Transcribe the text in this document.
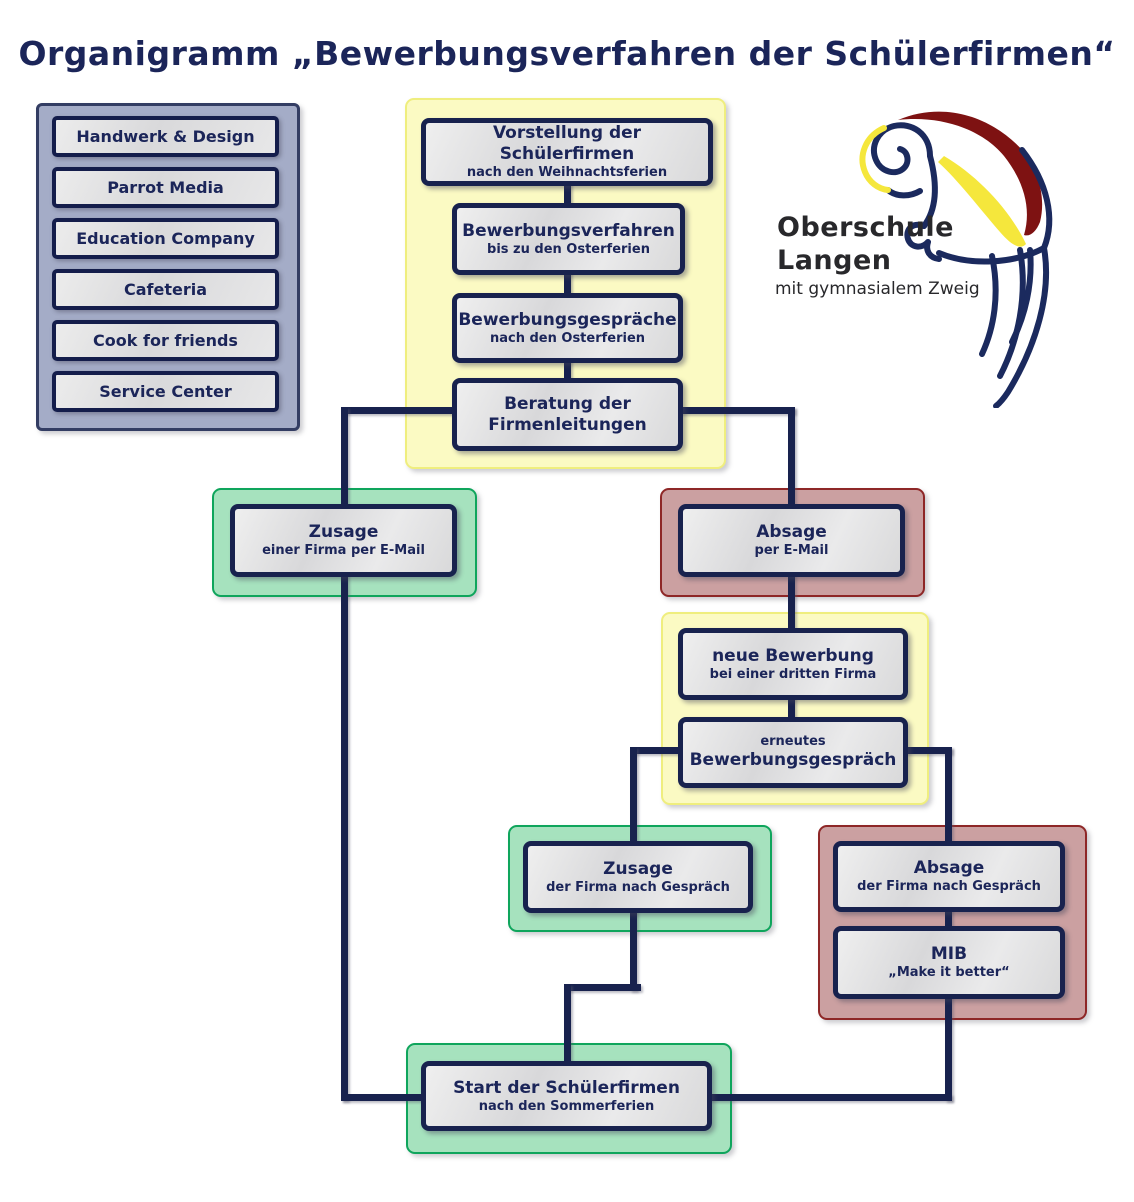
Organigramm „Bewerbungsverfahren der Schülerfirmen“
Handwerk & Design
Parrot Media
Education Company
Cafeteria
Cook for friends
Service Center
Oberschule
Langen
mit gymnasialem Zweig
Vorstellung der Schülerfirmen
nach den Weihnachtsferien
Bewerbungsverfahren
bis zu den Osterferien
Bewerbungsgespräche
nach den Osterferien
Beratung der
Firmenleitungen
Zusage
einer Firma per E-Mail
Absage
per E-Mail
neue Bewerbung
bei einer dritten Firma
erneutes
Bewerbungsgespräch
Zusage
der Firma nach Gespräch
Absage
der Firma nach Gespräch
MIB
„Make it better“
Start der Schülerfirmen
nach den Sommerferien
